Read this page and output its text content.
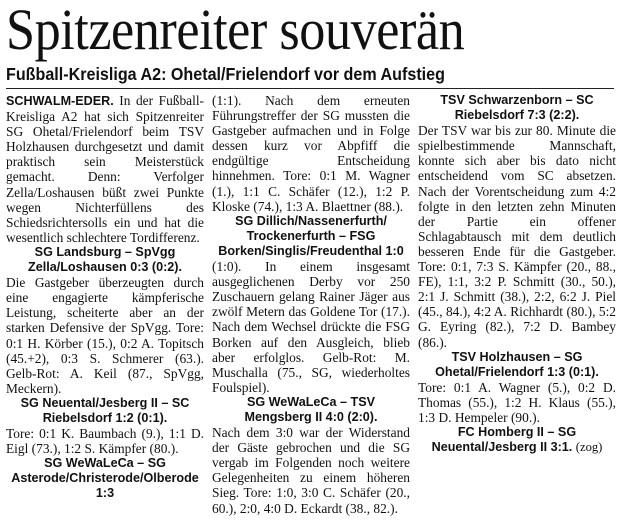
Spitzenreiter souverän
Fußball-Kreisliga A2: Ohetal/Frielendorf vor dem Aufstieg

SCHWALM-EDER. In der Fußball-Kreisliga A2 hat sich Spitzenreiter SG Ohetal/Frielendorf beim TSV Holzhausen durchgesetzt und damit praktisch sein Meisterstück gemacht. Denn: Verfolger Zella/Loshausen büßt zwei Punkte wegen Nichterfüllens des Schiedsrichtersolls ein und hat die wesentlich schlechtere Tordifferenz.

SG Landsburg – SpVgg Zella/Loshausen 0:3 (0:2).

Die Gastgeber überzeugten durch eine engagierte kämpferische Leistung, scheiterte aber an der starken Defensive der SpVgg. Tore: 0:1 H. Körber (15.), 0:2 A. Topitsch (45.+2), 0:3 S. Schmerer (63.). Gelb-Rot: A. Keil (87., SpVgg, Meckern).

SG Neuental/Jesberg II – SC Riebelsdorf 1:2 (0:1).

Tore: 0:1 K. Baumbach (9.), 1:1 D. Eigl (73.), 1:2 S. Kämpfer (80.).

SG WeWaLeCa – SG Asterode/Christerode/Olberode 1:3

(1:1). Nach dem erneuten Führungstreffer der SG mussten die Gastgeber aufmachen und in Folge dessen kurz vor Abpfiff die endgültige Entscheidung hinnehmen. Tore: 0:1 M. Wagner (1.), 1:1 C. Schäfer (12.), 1:2 P. Kloske (74.), 1:3 A. Blaettner (88.).

SG Dillich/Nassenerfurth/
Trockenerfurth – FSG Borken/Singlis/Freudenthal 1:0

(1:0). In einem insgesamt ausgeglichenen Derby vor 250 Zuschauern gelang Rainer Jäger aus zwölf Metern das Goldene Tor (17.). Nach dem Wechsel drückte die FSG Borken auf den Ausgleich, blieb aber erfolglos. Gelb-Rot: M. Muschalla (75., SG, wiederholtes Foulspiel).

SG WeWaLeCa – TSV Mengsberg II 4:0 (2:0).

Nach dem 3:0 war der Widerstand der Gäste gebrochen und die SG vergab im Folgenden noch weitere Gelegenheiten zu einem höheren Sieg. Tore: 1:0, 3:0 C. Schäfer (20., 60.), 2:0, 4:0 D. Eckardt (38., 82.).

TSV Schwarzenborn – SC Riebelsdorf 7:3 (2:2).

Der TSV war bis zur 80. Minute die spielbestimmende Mannschaft, konnte sich aber bis dato nicht entscheidend vom SC absetzen. Nach der Vorentscheidung zum 4:2 folgte in den letzten zehn Minuten der Partie ein offener Schlagabtausch mit dem deutlich besseren Ende für die Gastgeber. Tore: 0:1, 7:3 S. Kämpfer (20., 88., FE), 1:1, 3:2 P. Schmitt (30., 50.), 2:1 J. Schmitt (38.), 2:2, 6:2 J. Piel (45., 84.), 4:2 A. Richhardt (80.), 5:2 G. Eyring (82.), 7:2 D. Bambey (86.).

TSV Holzhausen – SG Ohetal/Frielendorf 1:3 (0:1).

Tore: 0:1 A. Wagner (5.), 0:2 D. Thomas (55.), 1:2 H. Klaus (55.), 1:3 D. Hempeler (90.).

FC Homberg II – SG Neuental/Jesberg II 3:1. (zog)
